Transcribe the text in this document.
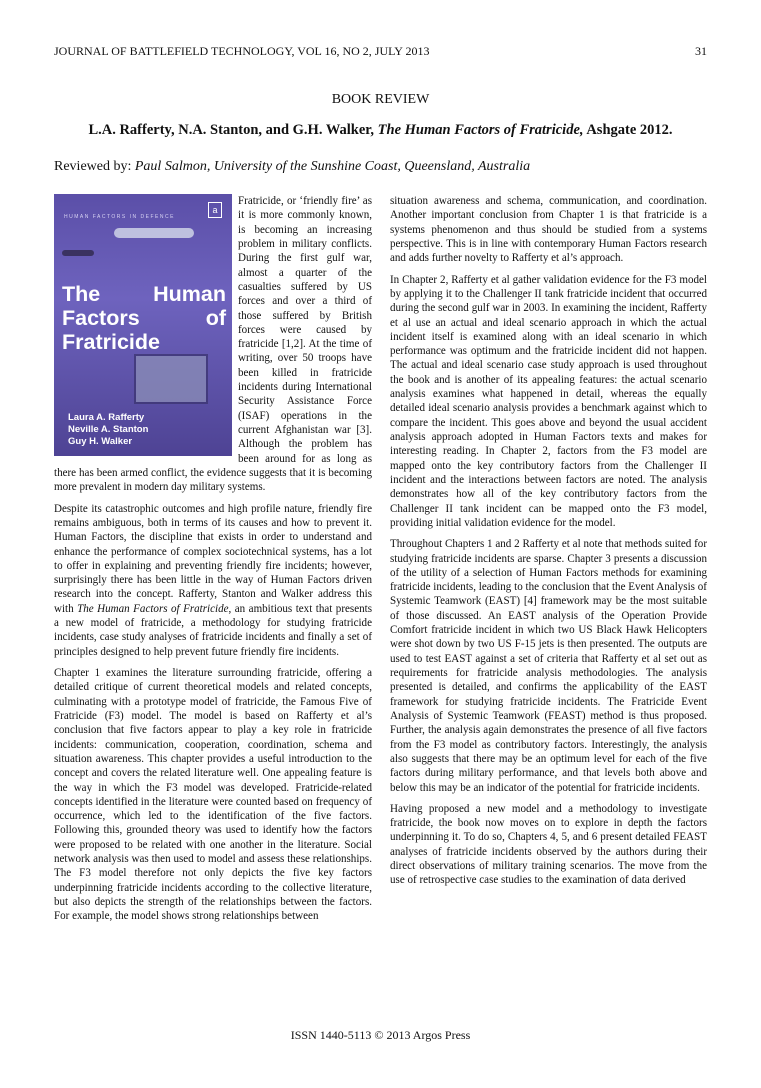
JOURNAL OF BATTLEFIELD TECHNOLOGY, VOL 16, NO 2, JULY 2013	31
BOOK REVIEW
L.A. Rafferty, N.A. Stanton, and G.H. Walker, The Human Factors of Fratricide, Ashgate 2012.
Reviewed by: Paul Salmon, University of the Sunshine Coast, Queensland, Australia
HUMAN FACTORS IN DEFENCE
a
The Human Factors of Fratricide
Laura A. Rafferty
Neville A. Stanton
Guy H. Walker

Fratricide, or ‘friendly fire’ as it is more commonly known, is becoming an increasing problem in military conflicts. During the first gulf war, almost a quarter of the casualties suffered by US forces and over a third of those suffered by British forces were caused by fratricide [1,2]. At the time of writing, over 50 troops have been killed in fratricide incidents during International Security Assistance Force (ISAF) operations in the current Afghanistan war [3]. Although the problem has been around for as long as there has been armed conflict, the evidence suggests that it is becoming more prevalent in modern day military systems.

Despite its catastrophic outcomes and high profile nature, friendly fire remains ambiguous, both in terms of its causes and how to prevent it. Human Factors, the discipline that exists in order to understand and enhance the performance of complex sociotechnical systems, has a lot to offer in explaining and preventing friendly fire incidents; however, surprisingly there has been little in the way of Human Factors driven research into the concept. Rafferty, Stanton and Walker address this with The Human Factors of Fratricide, an ambitious text that presents a new model of fratricide, a methodology for studying fratricide incidents, case study analyses of fratricide incidents and finally a set of principles designed to help prevent future friendly fire incidents.

Chapter 1 examines the literature surrounding fratricide, offering a detailed critique of current theoretical models and related concepts, culminating with a prototype model of fratricide, the Famous Five of Fratricide (F3) model. The model is based on Rafferty et al’s conclusion that five factors appear to play a key role in fratricide incidents: communication, cooperation, coordination, schema and situation awareness. This chapter provides a useful introduction to the concept and covers the related literature well. One appealing feature is the way in which the F3 model was developed. Fratricide-related concepts identified in the literature were counted based on frequency of occurrence, which led to the identification of the five factors. Following this, grounded theory was used to identify how the factors were proposed to be related with one another in the literature. Social network analysis was then used to model and assess these relationships. The F3 model therefore not only depicts the five key factors underpinning fratricide incidents according to the collective literature, but also depicts the strength of the relationships between the factors. For example, the model shows strong relationships between

situation awareness and schema, communication, and coordination. Another important conclusion from Chapter 1 is that fratricide is a systems phenomenon and thus should be studied from a systems perspective. This is in line with contemporary Human Factors research and adds further novelty to Rafferty et al’s approach.

In Chapter 2, Rafferty et al gather validation evidence for the F3 model by applying it to the Challenger II tank fratricide incident that occurred during the second gulf war in 2003. In examining the incident, Rafferty et al use an actual and ideal scenario approach in which the actual incident itself is examined along with an ideal scenario in which performance was optimum and the fratricide incident did not happen. The actual and ideal scenario case study approach is used throughout the book and is another of its appealing features: the actual scenario analysis examines what happened in detail, whereas the equally detailed ideal scenario analysis provides a benchmark against which to compare the incident. This goes above and beyond the usual accident analysis approach adopted in Human Factors texts and makes for interesting reading. In Chapter 2, factors from the F3 model are mapped onto the key contributory factors from the Challenger II incident and the interactions between factors are noted. The analysis demonstrates how all of the key contributory factors from the Challenger II tank incident can be mapped onto the F3 model, providing initial validation evidence for the model.

Throughout Chapters 1 and 2 Rafferty et al note that methods suited for studying fratricide incidents are sparse. Chapter 3 presents a discussion of the utility of a selection of Human Factors methods for examining fratricide incidents, leading to the conclusion that the Event Analysis of Systemic Teamwork (EAST) [4] framework may be the most suitable of those discussed. An EAST analysis of the Operation Provide Comfort fratricide incident in which two US Black Hawk Helicopters were shot down by two US F-15 jets is then presented. The outputs are used to test EAST against a set of criteria that Rafferty et al set out as requirements for fratricide analysis methodologies. The analysis presented is detailed, and confirms the applicability of the EAST framework for studying fratricide incidents. The Fratricide Event Analysis of Systemic Teamwork (FEAST) method is thus proposed. Further, the analysis again demonstrates the presence of all five factors from the F3 model as contributory factors. Interestingly, the analysis also suggests that there may be an optimum level for each of the five factors during military performance, and that levels both above and below this may be an indicator of the potential for fratricide incidents.

Having proposed a new model and a methodology to investigate fratricide, the book now moves on to explore in depth the factors underpinning it. To do so, Chapters 4, 5, and 6 present detailed FEAST analyses of fratricide incidents observed by the authors during their direct observations of military training scenarios. The move from the use of retrospective case studies to the examination of data derived

ISSN 1440-5113 © 2013 Argos Press
